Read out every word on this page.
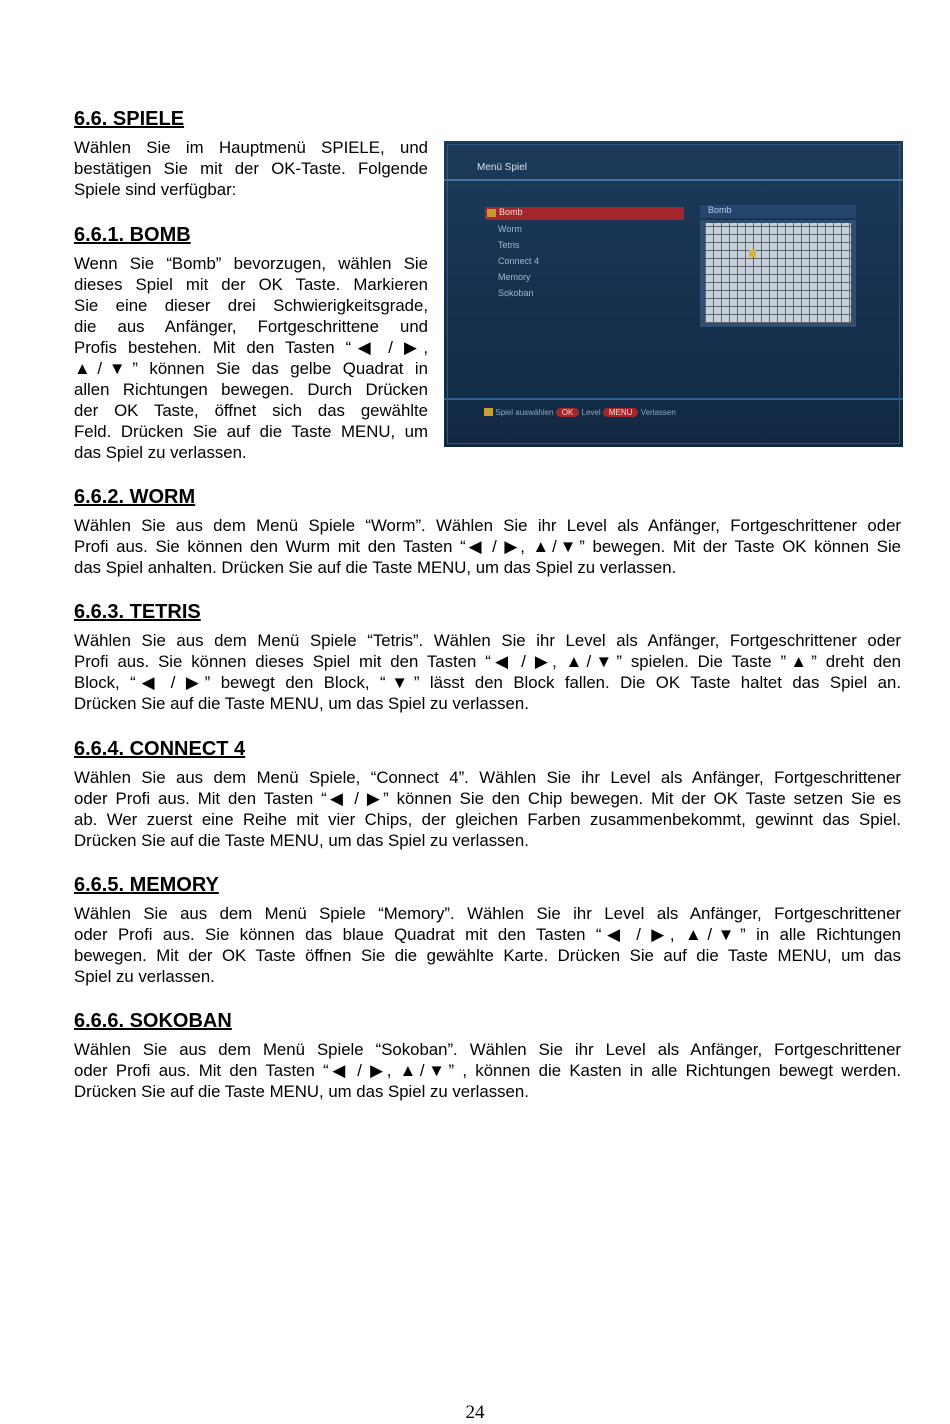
6.6. SPIELE

Wählen Sie im Hauptmenü SPIELE, und
bestätigen Sie mit der OK-Taste. Folgende
Spiele sind verfügbar:

6.6.1. BOMB

Wenn Sie “Bomb” bevorzugen, wählen Sie
dieses Spiel mit der OK Taste. Markieren
Sie eine dieser drei Schwierigkeitsgrade,
die aus Anfänger, Fortgeschrittene und
Profis bestehen. Mit den Tasten “◀ / ▶,
▲/▼” können Sie das gelbe Quadrat in
allen Richtungen bewegen. Durch Drücken
der OK Taste, öffnet sich das gewählte
Feld. Drücken Sie auf die Taste MENU, um
das Spiel zu verlassen.

Menü Spiel
Bomb
Worm
Tetris
Connect 4
Memory
Sokoban
Bomb
Spiel auswählen OK Level MENU Verlassen
6.6.2. WORM

Wählen Sie aus dem Menü Spiele “Worm”. Wählen Sie ihr Level als Anfänger, Fortgeschrittener oder
Profi aus. Sie können den Wurm mit den Tasten “◀ / ▶, ▲/▼” bewegen. Mit der Taste OK können Sie
das Spiel anhalten. Drücken Sie auf die Taste MENU, um das Spiel zu verlassen.

6.6.3. TETRIS

Wählen Sie aus dem Menü Spiele “Tetris”. Wählen Sie ihr Level als Anfänger, Fortgeschrittener oder
Profi aus. Sie können dieses Spiel mit den Tasten “◀ / ▶, ▲/▼” spielen. Die Taste ”▲” dreht den
Block, “◀ / ▶” bewegt den Block, “▼” lässt den Block fallen. Die OK Taste haltet das Spiel an.
Drücken Sie auf die Taste MENU, um das Spiel zu verlassen.

6.6.4. CONNECT 4

Wählen Sie aus dem Menü Spiele, “Connect 4”. Wählen Sie ihr Level als Anfänger, Fortgeschrittener
oder Profi aus. Mit den Tasten “◀ / ▶” können Sie den Chip bewegen. Mit der OK Taste setzen Sie es
ab. Wer zuerst eine Reihe mit vier Chips, der gleichen Farben zusammenbekommt, gewinnt das Spiel.
Drücken Sie auf die Taste MENU, um das Spiel zu verlassen.

6.6.5. MEMORY

Wählen Sie aus dem Menü Spiele “Memory”. Wählen Sie ihr Level als Anfänger, Fortgeschrittener
oder Profi aus. Sie können das blaue Quadrat mit den Tasten “◀ / ▶, ▲/▼” in alle Richtungen
bewegen. Mit der OK Taste öffnen Sie die gewählte Karte. Drücken Sie auf die Taste MENU, um das
Spiel zu verlassen.

6.6.6. SOKOBAN

Wählen Sie aus dem Menü Spiele “Sokoban”. Wählen Sie ihr Level als Anfänger, Fortgeschrittener
oder Profi aus. Mit den Tasten “◀ / ▶, ▲/▼” , können die Kasten in alle Richtungen bewegt werden.
Drücken Sie auf die Taste MENU, um das Spiel zu verlassen.

24
